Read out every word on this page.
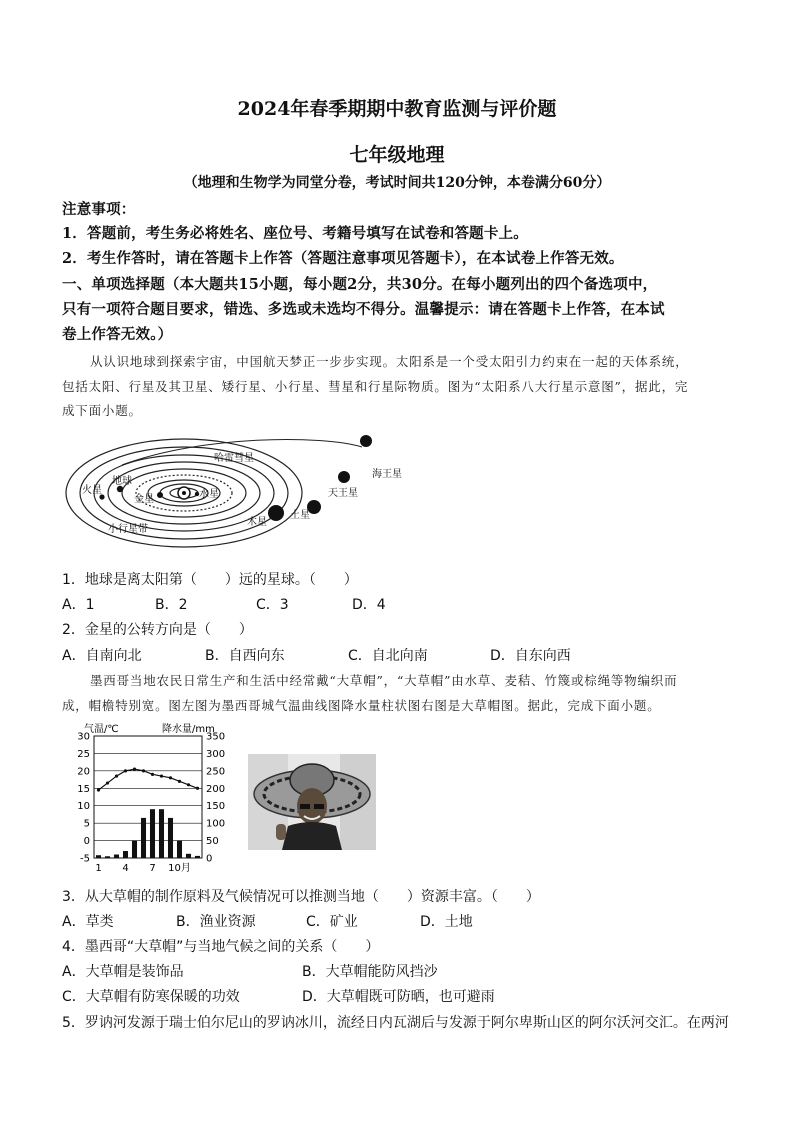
2024年春季期期中教育监测与评价题
七年级地理
（地理和生物学为同堂分卷，考试时间共120分钟，本卷满分60分）
注意事项：
1．答题前，考生务必将姓名、座位号、考籍号填写在试卷和答题卡上。
2．考生作答时，请在答题卡上作答（答题注意事项见答题卡），在本试卷上作答无效。
一、单项选择题（本大题共15小题，每小题2分，共30分。在每小题列出的四个备选项中，
只有一项符合题目要求，错选、多选或未选均不得分。温馨提示：请在答题卡上作答，在本试
卷上作答无效。）
从认识地球到探索宇宙，中国航天梦正一步步实现。太阳系是一个受太阳引力约束在一起的天体系统，
包括太阳、行星及其卫星、矮行星、小行星、彗星和行星际物质。图为“太阳系八大行星示意图”，据此，完
成下面小题。
水星
金星
地球
火星
木星
土星
天王星
海王星
哈雷彗星
小行星带
1．地球是离太阳第（　　）远的星球。（　　）
A．1	B．2	C．3	D．4
2．金星的公转方向是（　　）
A．自南向北	B．自西向东	C．自北向南	D．自东向西
墨西哥当地农民日常生产和生活中经常戴“大草帽”，“大草帽”由水草、麦秸、竹篾或棕绳等物编织而
成，帽檐特别宽。图左图为墨西哥城气温曲线图降水量柱状图右图是大草帽图。据此，完成下面小题。
气温/℃	降水量/mm
-5
0
5
10
15
20
25
30
0
50
100
150
200
250
300
350
1 4 7 10月
3．从大草帽的制作原料及气候情况可以推测当地（　　）资源丰富。（　　）
A．草类	B．渔业资源	C．矿业	D．土地
4．墨西哥“大草帽”与当地气候之间的关系（　　）
A．大草帽是装饰品	B．大草帽能防风挡沙
C．大草帽有防寒保暖的功效	D．大草帽既可防晒，也可避雨
5．罗讷河发源于瑞士伯尔尼山的罗讷冰川，流经日内瓦湖后与发源于阿尔卑斯山区的阿尔沃河交汇。在两河
